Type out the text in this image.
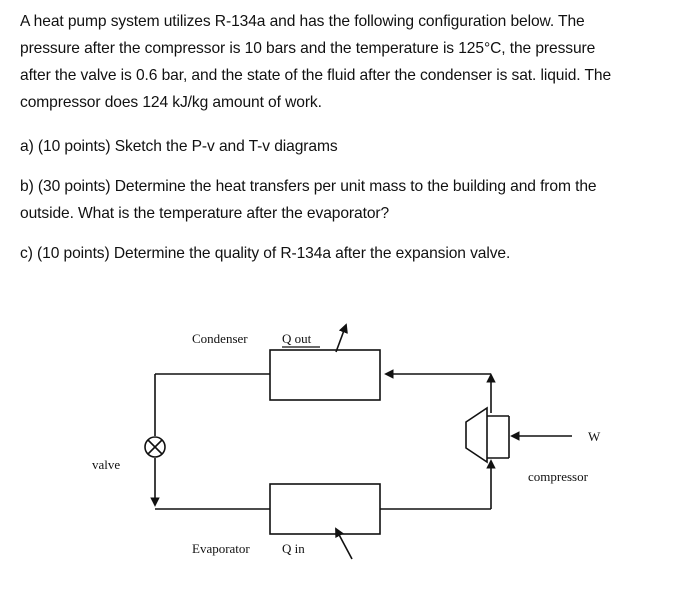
A heat pump system utilizes R-134a and has the following configuration below. The
pressure after the compressor is 10 bars and the temperature is 125°C, the pressure
after the valve is 0.6 bar, and the state of the fluid after the condenser is sat. liquid. The
compressor does 124 kJ/kg amount of work.
a) (10 points) Sketch the P-v and T-v diagrams
b) (30 points) Determine the heat transfers per unit mass to the building and from the
outside. What is the temperature after the evaporator?
c) (10 points) Determine the quality of R-134a after the expansion valve.
Condenser	Q out
Evaporator Q in
valve
W
compressor
